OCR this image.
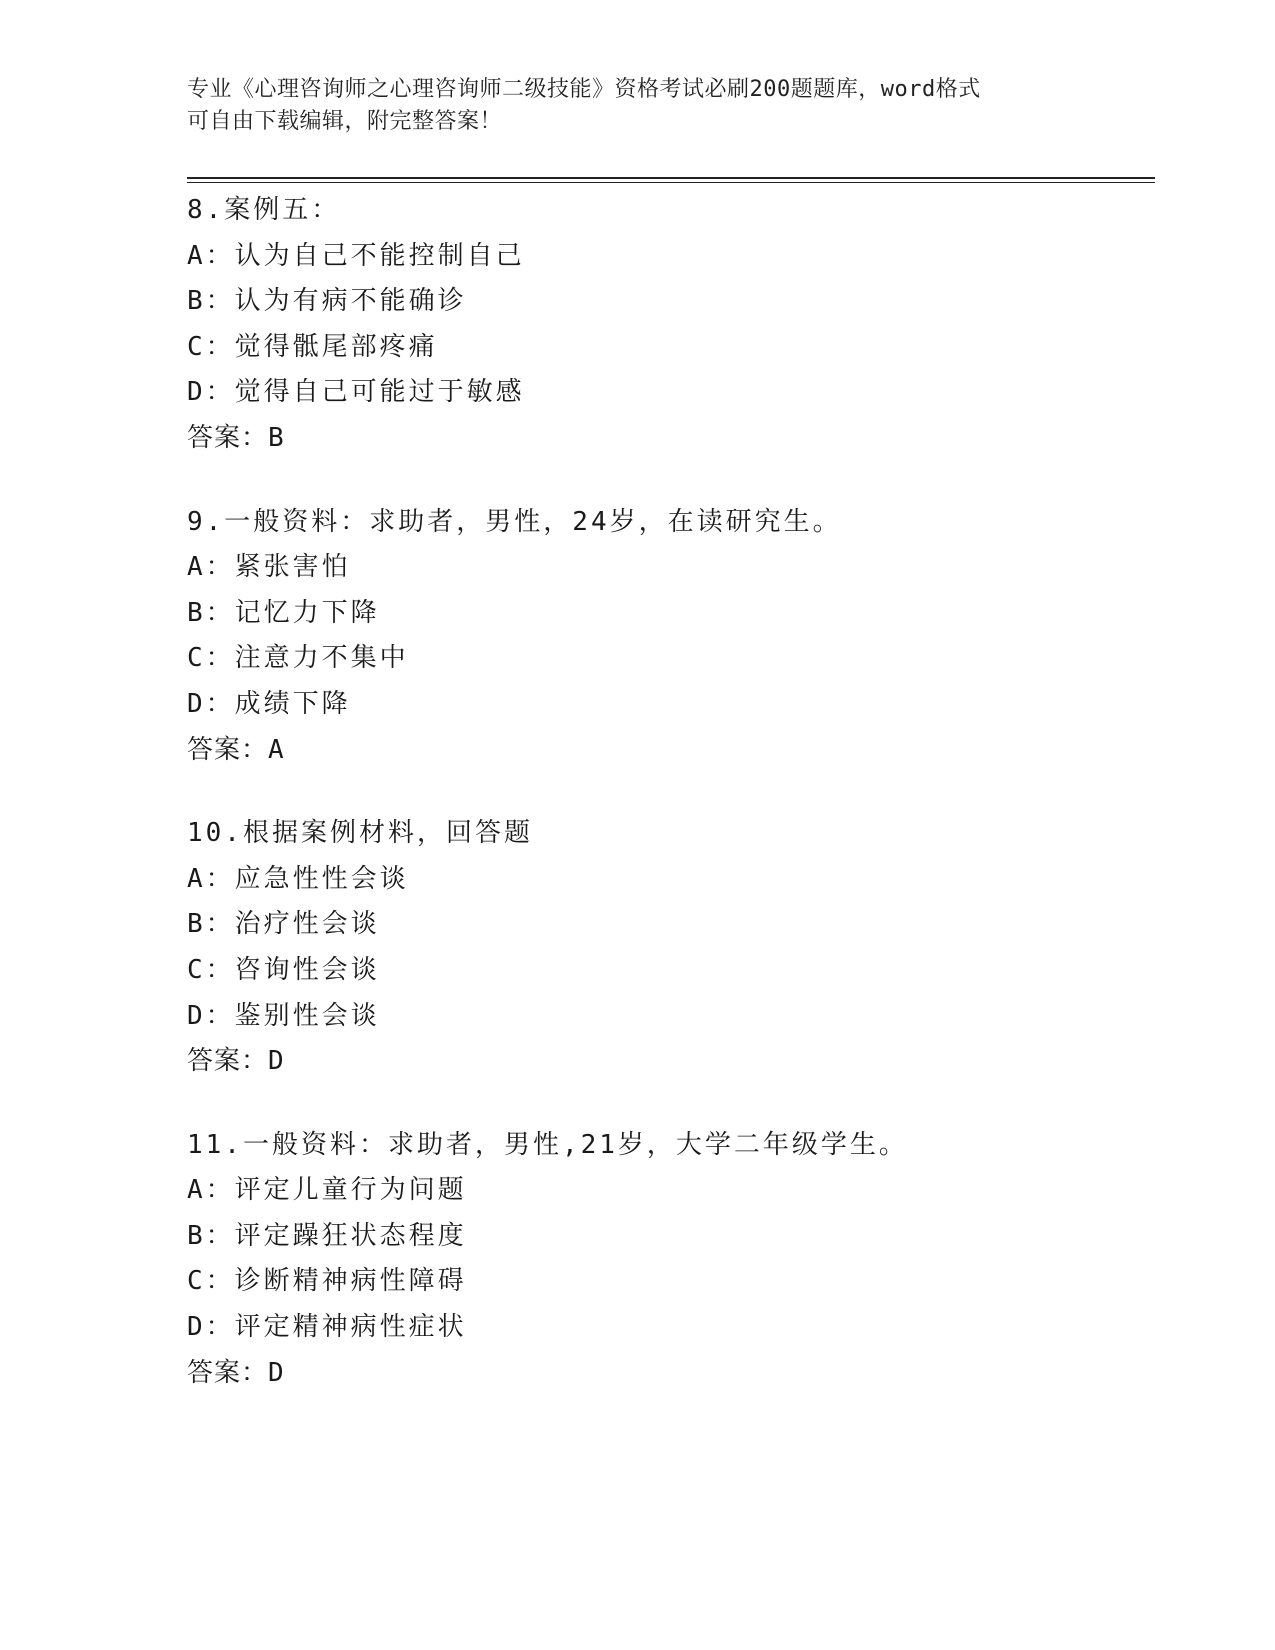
专业《心理咨询师之心理咨询师二级技能》资格考试必刷200题题库，word格式
可自由下载编辑，附完整答案！
8.案例五：
A：认为自己不能控制自己
B：认为有病不能确诊
C：觉得骶尾部疼痛
D：觉得自己可能过于敏感
答案：B
9.一般资料：求助者，男性，24岁，在读研究生。
A：紧张害怕
B：记忆力下降
C：注意力不集中
D：成绩下降
答案：A
10.根据案例材料，回答题
A：应急性性会谈
B：治疗性会谈
C：咨询性会谈
D：鉴别性会谈
答案：D
11.一般资料：求助者，男性,21岁，大学二年级学生。
A：评定儿童行为问题
B：评定躁狂状态程度
C：诊断精神病性障碍
D：评定精神病性症状
答案：D
